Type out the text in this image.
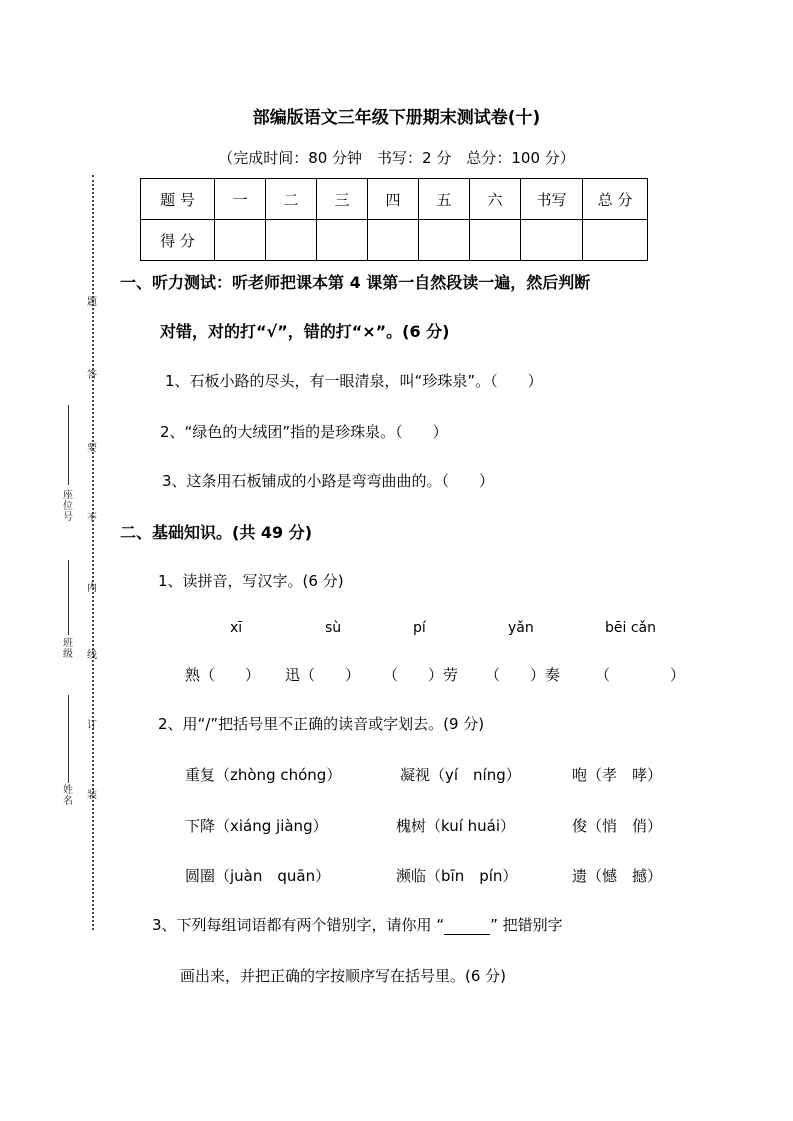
题
答
要
不
内
线
订
装
座位号
班级
姓名
部编版语文三年级下册期末测试卷(十)
（完成时间：80 分钟　书写：2 分　总分：100 分）
题 号	一	二	三	四	五	六	书写	总 分
得 分								
一、听力测试：听老师把课本第 4 课第一自然段读一遍，然后判断
对错，对的打“√”，错的打“×”。(6 分)
1、石板小路的尽头，有一眼清泉，叫“珍珠泉”。（　　）
2、“绿色的大绒团”指的是珍珠泉。（　　）
3、这条用石板铺成的小路是弯弯曲曲的。（　　）
二、基础知识。(共 49 分)
1、读拼音，写汉字。(6 分)
xī	sù	pí	yǎn	bēi cǎn
熟（　　） 迅（　　） （　　）劳 （　　）奏 （　　　　）
2、用“/”把括号里不正确的读音或字划去。(9 分)
重复（zhòng chóng）	凝视（yí　níng）	咆（孝　哮）
下降（xiáng jiàng）	槐树（kuí huái）	俊（悄　俏）
圆圈（juàn　quān）	濒临（bīn　pín）	遗（憾　撼）
3、下列每组词语都有两个错别字，请你用 “	” 把错别字
画出来，并把正确的字按顺序写在括号里。(6 分)
